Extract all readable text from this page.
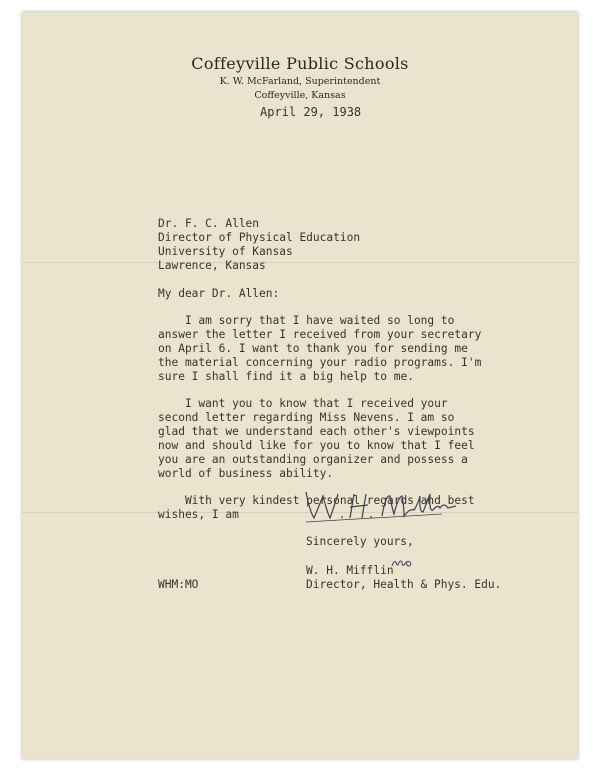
Coffeyville Public Schools
K. W. McFarland, Superintendent
Coffeyville, Kansas
April 29, 1938
Dr. F. C. Allen
Director of Physical Education
University of Kansas
Lawrence, Kansas
My dear Dr. Allen:
I am sorry that I have waited so long to
answer the letter I received from your secretary
on April 6. I want to thank you for sending me
the material concerning your radio programs. I'm
sure I shall find it a big help to me.
I want you to know that I received your
second letter regarding Miss Nevens. I am so
glad that we understand each other's viewpoints
now and should like for you to know that I feel
you are an outstanding organizer and possess a
world of business ability.
With very kindest personal regards and best
wishes, I am
Sincerely yours,
W. H. Mifflin
Director, Health & Phys. Edu.
WHM:MO
